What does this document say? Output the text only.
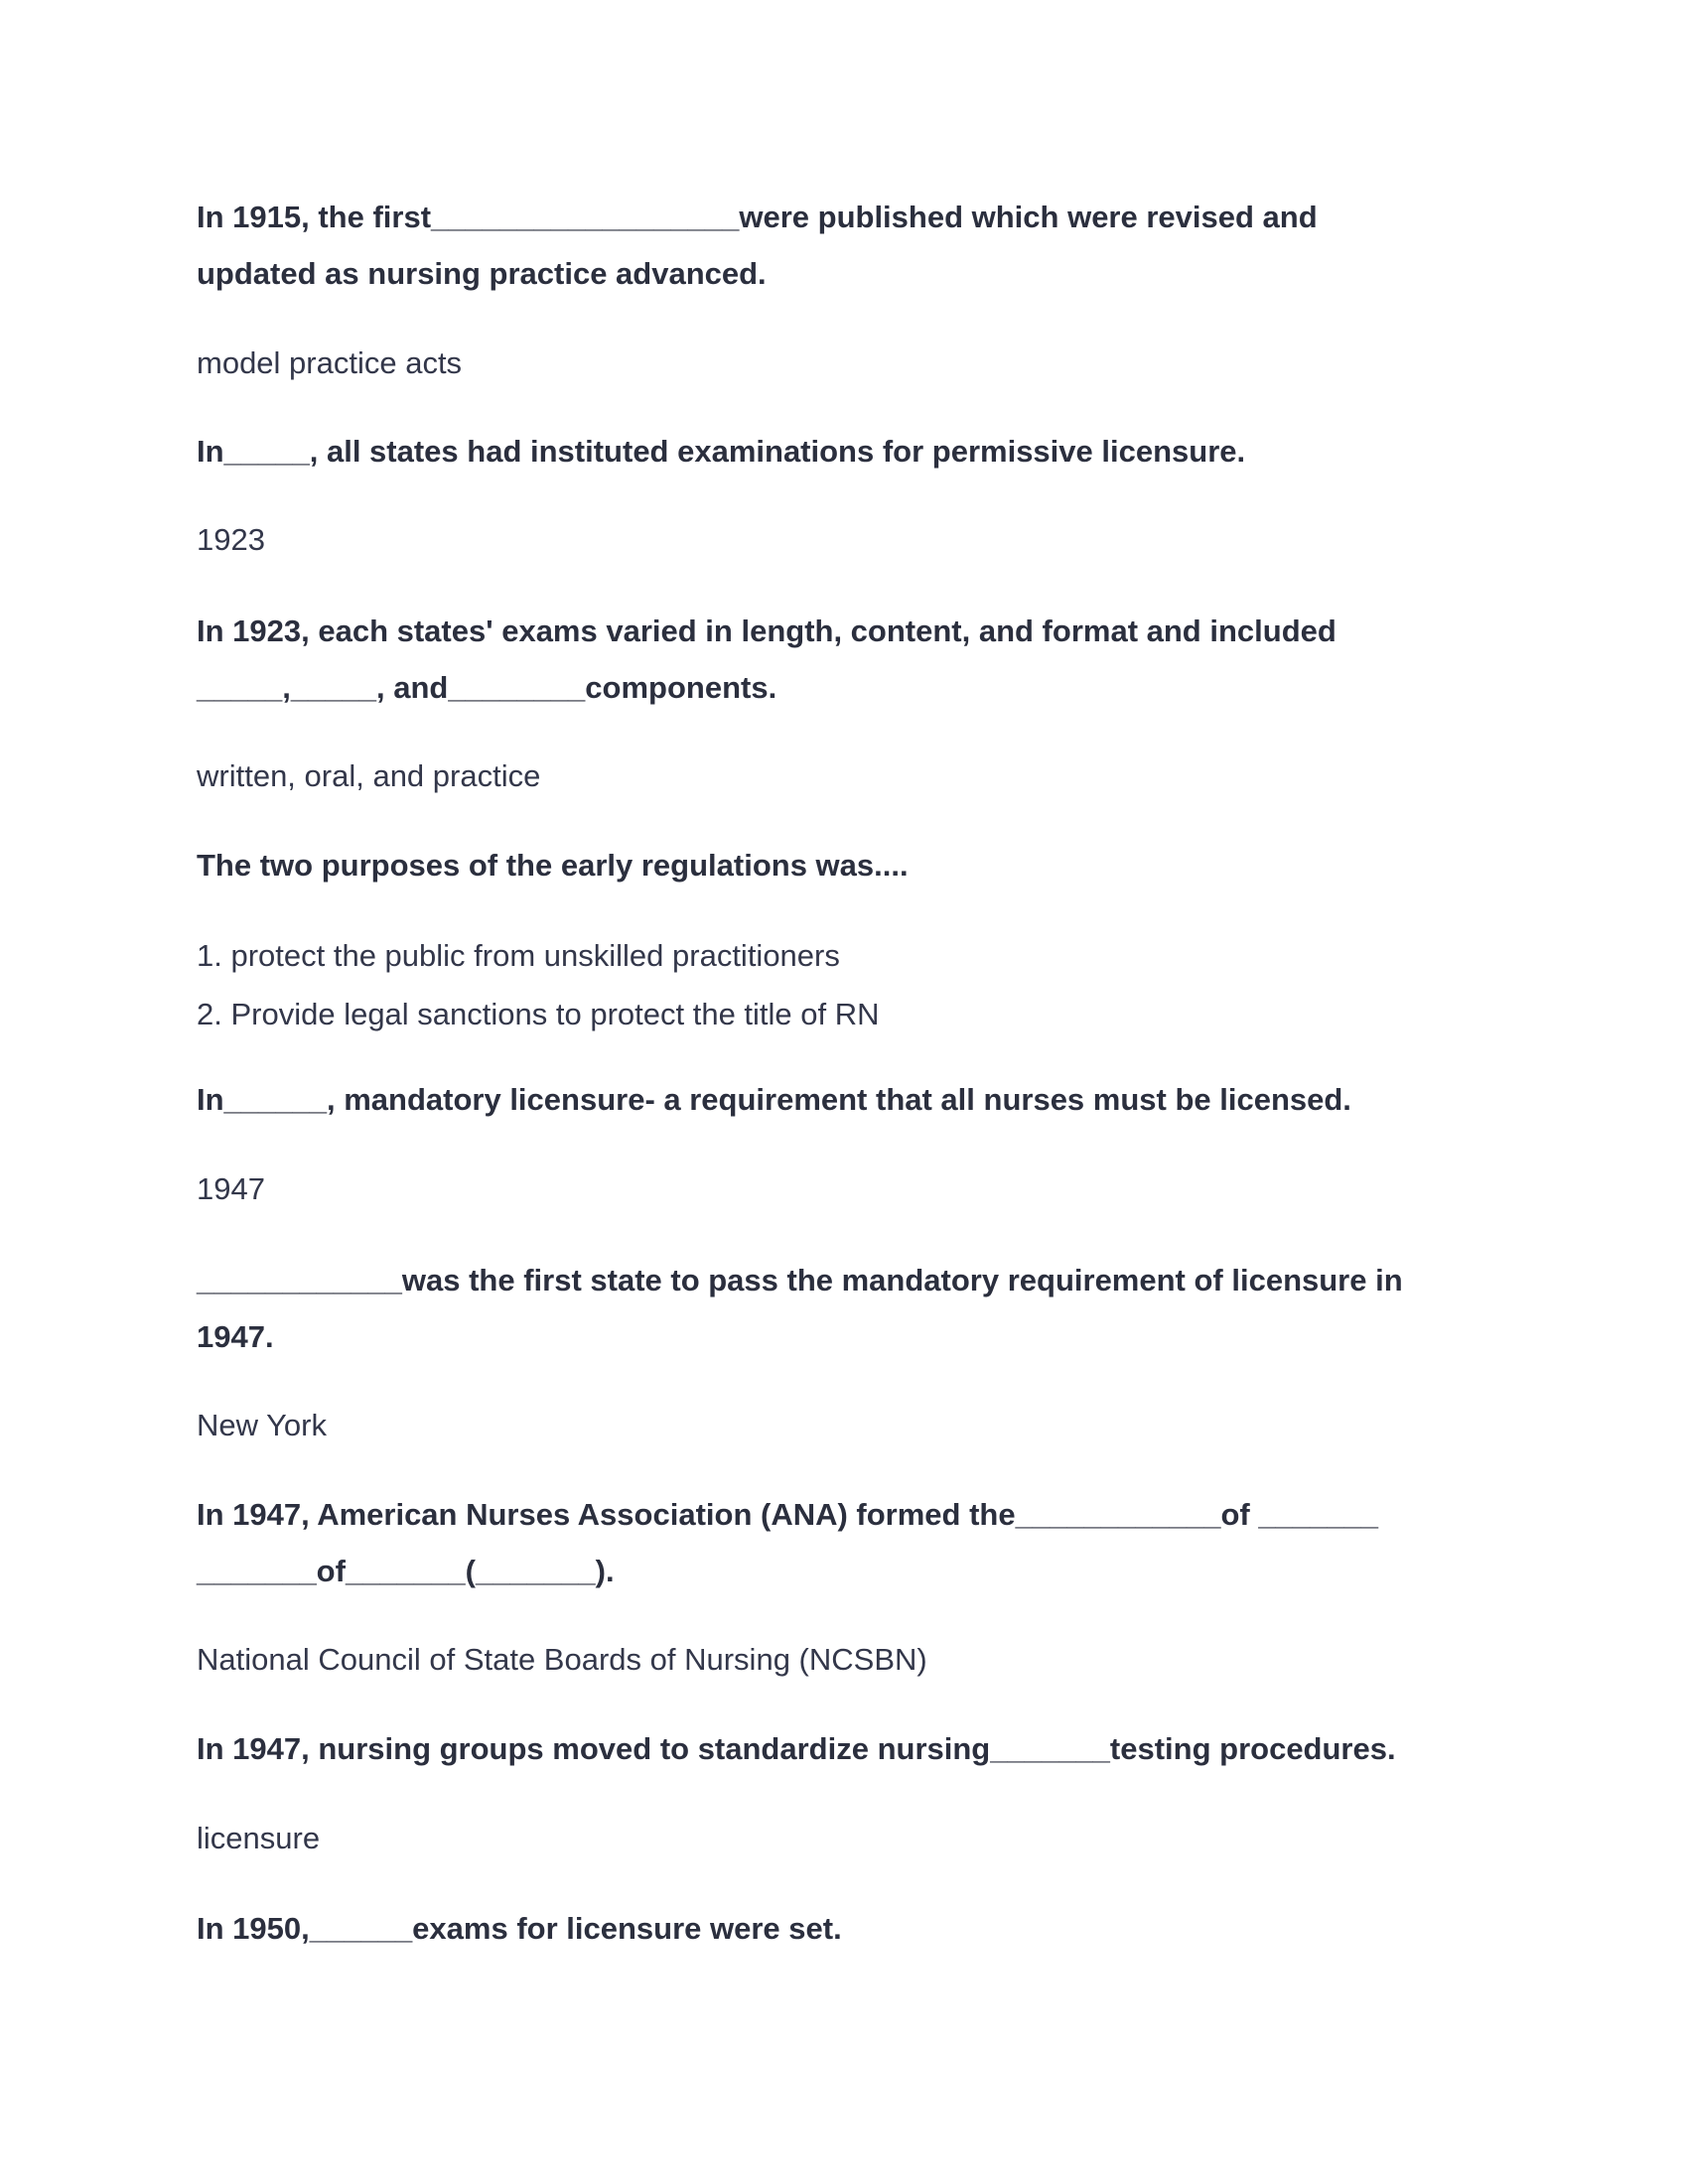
In 1915, the first__________________were published which were revised and
updated as nursing practice advanced.
model practice acts
In_____, all states had instituted examinations for permissive licensure.
1923
In 1923, each states' exams varied in length, content, and format and included
_____,_____, and________components.
written, oral, and practice
The two purposes of the early regulations was....
1. protect the public from unskilled practitioners
2. Provide legal sanctions to protect the title of RN
In______, mandatory licensure- a requirement that all nurses must be licensed.
1947
____________was the first state to pass the mandatory requirement of licensure in
1947.
New York
In 1947, American Nurses Association (ANA) formed the____________of _______
_______of_______(_______).
National Council of State Boards of Nursing (NCSBN)
In 1947, nursing groups moved to standardize nursing_______testing procedures.
licensure
In 1950,______exams for licensure were set.
